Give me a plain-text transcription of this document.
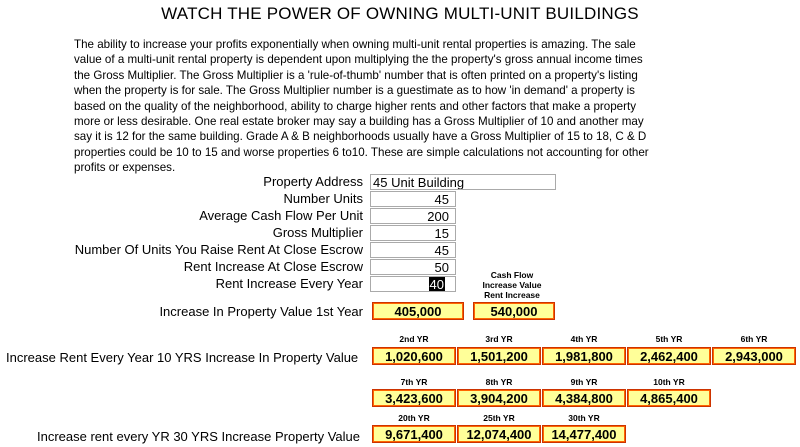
WATCH THE POWER OF OWNING MULTI-UNIT BUILDINGS
The ability to increase your profits exponentially when owning multi-unit rental properties is amazing. The sale
value of a multi-unit rental property is dependent upon multiplying the the property's gross annual income times
the Gross Multiplier. The Gross Multiplier is a 'rule-of-thumb' number that is often printed on a property's listing
when the property is for sale. The Gross Multiplier number is a guestimate as to how 'in demand' a property is
based on the quality of the neighborhood, ability to charge higher rents and other factors that make a property
more or less desirable. One real estate broker may say a building has a Gross Multiplier of 10 and another may
say it is 12 for the same building. Grade A & B neighborhoods usually have a Gross Multiplier of 15 to 18, C & D
properties could be 10 to 15 and worse properties 6 to10. These are simple calculations not accounting for other
profits or expenses.
Property Address
Number Units
Average Cash Flow Per Unit
Gross Multiplier
Number Of Units You Raise Rent At Close Escrow
Rent Increase At Close Escrow
Rent Increase Every Year
45 Unit Building
45
200
15
45
50
40
Cash Flow
Increase Value
Rent Increase
Increase In Property Value 1st Year	405,000	540,000
Increase Rent Every Year 10 YRS Increase In Property Value
2nd YR
1,020,600
3rd YR
1,501,200
4th YR
1,981,800
5th YR
2,462,400
6th YR
2,943,000
7th YR
3,423,600
8th YR
3,904,200
9th YR
4,384,800
10th YR
4,865,400
Increase rent every YR 30 YRS Increase Property Value
20th YR
9,671,400
25th YR
12,074,400
30th YR
14,477,400
